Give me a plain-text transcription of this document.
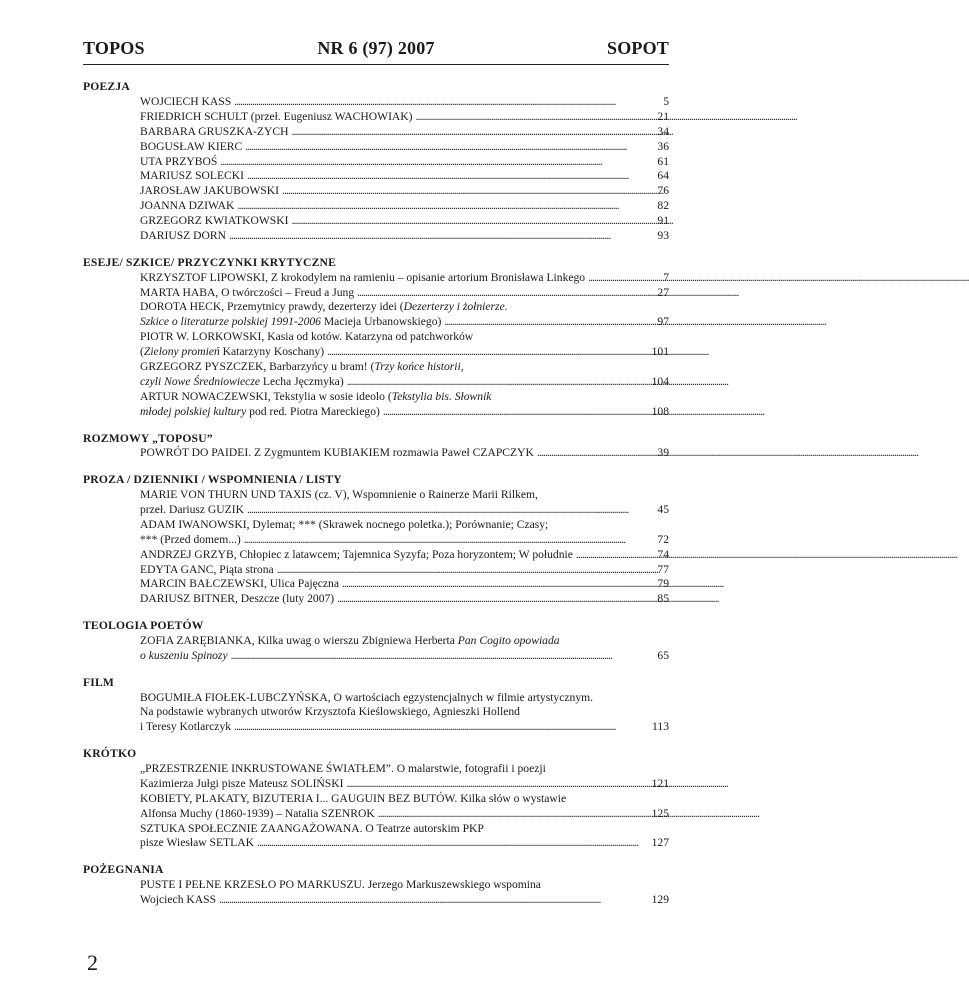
TOPOS	NR 6 (97) 2007	SOPOT
POEZJA
WOJCIECH KASS . . .	5
FRIEDRICH SCHULT (przeł. Eugeniusz WACHOWIAK) . . .	21
BARBARA GRUSZKA-ZYCH . . .	34
BOGUSŁAW KIERC . . .	36
UTA PRZYBOŚ . . .	61
MARIUSZ SOLECKI . . .	64
JAROSŁAW JAKUBOWSKI . . .	76
JOANNA DZIWAK . . .	82
GRZEGORZ KWIATKOWSKI . . .	91
DARIUSZ DORN . . .	93
ESEJE/ SZKICE/ PRZYCZYNKI KRYTYCZNE
KRZYSZTOF LIPOWSKI, Z krokodylem na ramieniu – opisanie artorium Bronisława Linkego . . .	7
MARTA HABA, O twórczości – Freud a Jung . . .	27
DOROTA HECK, Przemytnicy prawdy, dezerterzy idei (Dezerterzy i żołnierze.
Szkice o literaturze polskiej 1991-2006 Macieja Urbanowskiego) . . .	97
PIOTR W. LORKOWSKI, Kasia od kotów. Katarzyna od patchworków
(Zielony promień Katarzyny Koschany) . . .	101
GRZEGORZ PYSZCZEK, Barbarzyńcy u bram! (Trzy końce historii,
czyli Nowe Średniowiecze Lecha Jęczmyka) . . .	104
ARTUR NOWACZEWSKI, Tekstylia w sosie ideolo (Tekstylia bis. Słownik
młodej polskiej kultury pod red. Piotra Mareckiego) . . .	108
ROZMOWY „TOPOSU”
POWRÓT DO PAIDEI. Z Zygmuntem KUBIAKIEM rozmawia Paweł CZAPCZYK . . .	39
PROZA / DZIENNIKI / WSPOMNIENIA / LISTY
MARIE VON THURN UND TAXIS (cz. V), Wspomnienie o Rainerze Marii Rilkem,
przeł. Dariusz GUZIK . . .	45
ADAM IWANOWSKI, Dylemat; *** (Skrawek nocnego poletka.); Porównanie; Czasy;
*** (Przed domem...) . . .	72
ANDRZEJ GRZYB, Chłopiec z latawcem; Tajemnica Syzyfa; Poza horyzontem; W południe . . .	74
EDYTA GANC, Piąta strona . . .	77
MARCIN BAŁCZEWSKI, Ulica Pajęczna . . .	79
DARIUSZ BITNER, Deszcze (luty 2007) . . .	85
TEOLOGIA POETÓW
ZOFIA ZARĘBIANKA, Kilka uwag o wierszu Zbigniewa Herberta Pan Cogito opowiada
o kuszeniu Spinozy . . .	65
FILM
BOGUMIŁA FIOŁEK-LUBCZYŃSKA, O wartościach egzystencjalnych w filmie artystycznym.
Na podstawie wybranych utworów Krzysztofa Kieślowskiego, Agnieszki Hollend
i Teresy Kotlarczyk . . .	113
KRÓTKO
„PRZESTRZENIE INKRUSTOWANE ŚWIATŁEM”. O malarstwie, fotografii i poezji
Kazimierza Jułgi pisze Mateusz SOLIŃSKI . . .	121
KOBIETY, PLAKATY, BIZUTERIA I... GAUGUIN BEZ BUTÓW. Kilka słów o wystawie
Alfonsa Muchy (1860-1939) – Natalia SZENROK . . .	125
SZTUKA SPOŁECZNIE ZAANGAŻOWANA. O Teatrze autorskim PKP
pisze Wiesław SETLAK . . .	127
POŻEGNANIA
PUSTE I PEŁNE KRZESŁO PO MARKUSZU. Jerzego Markuszewskiego wspomina
Wojciech KASS . . .	129
2
